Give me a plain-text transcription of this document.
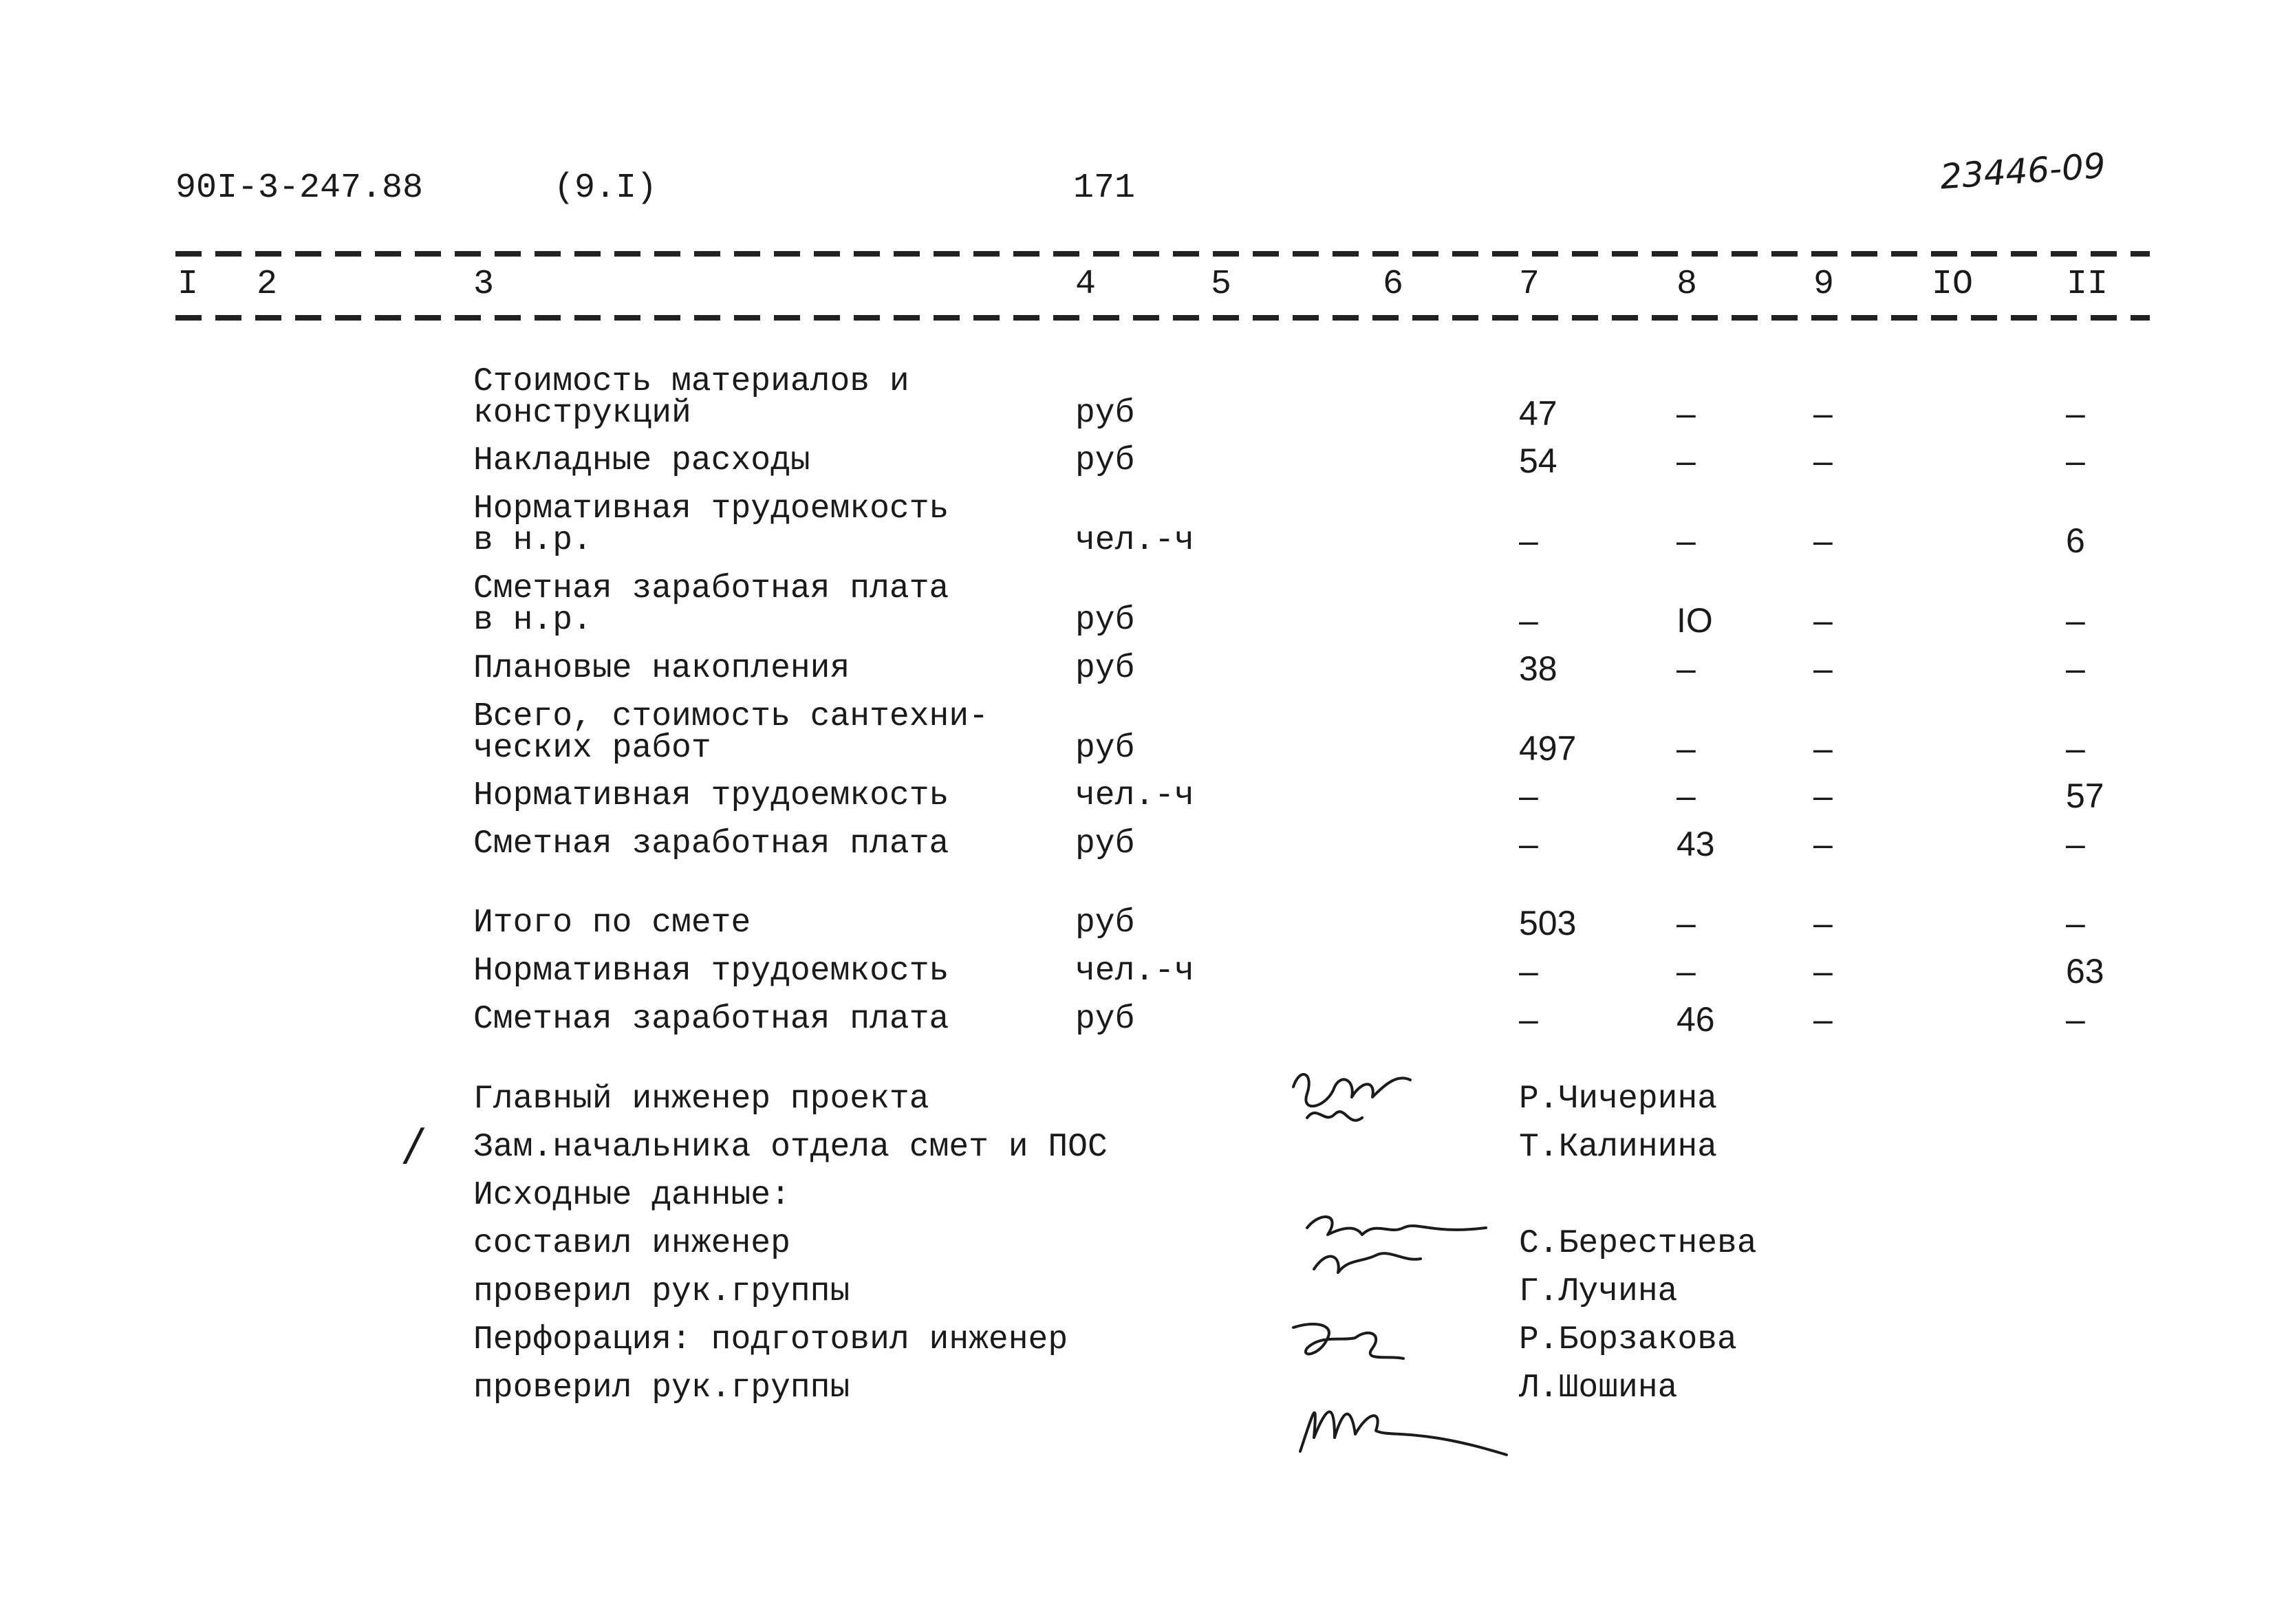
90I-3-247.88	(9.I)	171	23446-09
I 2	3	4	5	6	7	8	9	IO	II
Стоимость материалов и
конструкций	руб	47	–	–	–
Накладные расходы	руб	54	–	–	–
Нормативная трудоемкость
в н.р.	чел.-ч	–	–	–	6
Сметная заработная плата
в н.р.	руб	–	IO	–	–
Плановые накопления	руб	38	–	–	–
Всего, стоимость сантехни-
ческих работ	руб	497	–	–	–
Нормативная трудоемкость	чел.-ч	–	–	–	57
Сметная заработная плата	руб	–	43	–	–
Итого по смете	руб	503	–	–	–
Нормативная трудоемкость	чел.-ч	–	–	–	63
Сметная заработная плата	руб	–	46	–	–
Главный инженер проекта	Р.Чичерина
Зам.начальника отдела смет и ПОС	Т.Калинина
Исходные данные:
составил инженер	С.Берестнева
проверил рук.группы	Г.Лучина
Перфорация: подготовил инженер	Р.Борзакова
проверил рук.группы	Л.Шошина
/
